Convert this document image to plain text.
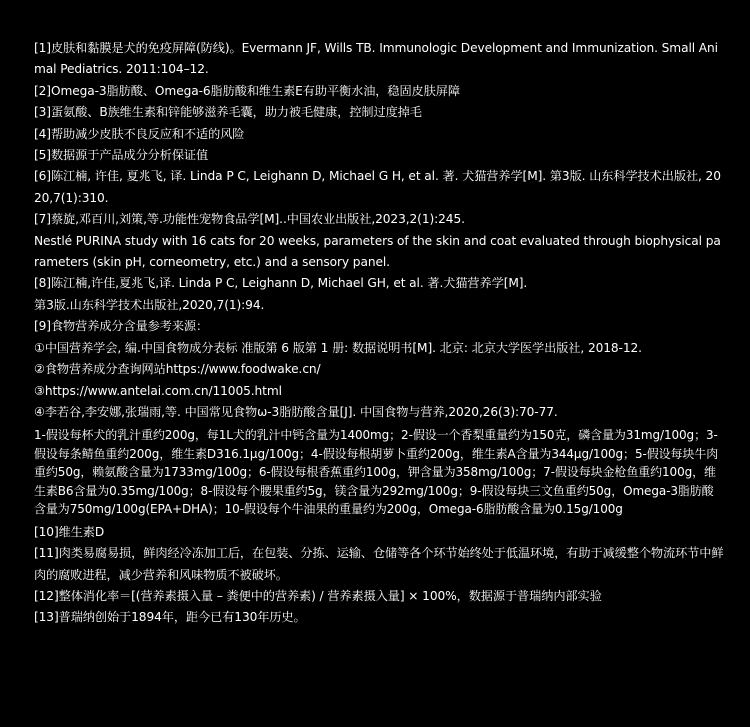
[1]皮肤和黏膜是犬的免疫屏障(防线)。Evermann JF, Wills TB. Immunologic Development and Immunization. Small Animal Pediatrics. 2011:104–12.

[2]Omega-3脂肪酸、Omega-6脂肪酸和维生素E有助平衡水油，稳固皮肤屏障

[3]蛋氨酸、B族维生素和锌能够滋养毛囊，助力被毛健康，控制过度掉毛

[4]帮助减少皮肤不良反应和不适的风险

[5]数据源于产品成分分析保证值

[6]陈江楠, 许佳, 夏兆飞, 译. Linda P C, Leighann D, Michael G H, et al. 著. 犬猫营养学[M]. 第3版. 山东科学技术出版社, 2020,7(1):310.

[7]蔡旋,邓百川,刘策,等.功能性宠物食品学[M]..中国农业出版社,2023,2(1):245.

Nestlé PURINA study with 16 cats for 20 weeks, parameters of the skin and coat evaluated through biophysical parameters (skin pH, corneometry, etc.) and a sensory panel.

[8]陈江楠,许佳,夏兆飞,译. Linda P C, Leighann D, Michael GH, et al. 著.犬猫营养学[M].

第3版.山东科学技术出版社,2020,7(1):94.

[9]食物营养成分含量参考来源：

①中国营养学会, 编.中国食物成分表标 准版第 6 版第 1 册: 数据说明书[M]. 北京: 北京大学医学出版社, 2018-12.

②食物营养成分查询网站https://www.foodwake.cn/

③https://www.antelai.com.cn/11005.html

④李若谷,李安娜,张瑞雨,等. 中国常见食物ω-3脂肪酸含量[J]. 中国食物与营养,2020,26(3):70-77.

1-假设每杯犬的乳汁重约200g，每1L犬的乳汁中钙含量为1400mg；2-假设一个香梨重量约为150克，磷含量为31mg/100g；3-假设每条鲭鱼重约200g，维生素D316.1μg/100g；4-假设每根胡萝卜重约200g，维生素A含量为344μg/100g；5-假设每块牛肉重约50g，赖氨酸含量为1733mg/100g；6-假设每根香蕉重约100g，钾含量为358mg/100g；7-假设每块金枪鱼重约100g，维生素B6含量为0.35mg/100g；8-假设每个腰果重约5g，镁含量为292mg/100g；9-假设每块三文鱼重约50g，Omega-3脂肪酸含量为750mg/100g(EPA+DHA)；10-假设每个牛油果的重量约为200g，Omega-6脂肪酸含量为0.15g/100g

[10]维生素D

[11]肉类易腐易损，鲜肉经冷冻加工后，在包装、分拣、运输、仓储等各个环节始终处于低温环境，有助于减缓整个物流环节中鲜肉的腐败进程，减少营养和风味物质不被破坏。

[12]整体消化率＝[(营养素摄入量 – 粪便中的营养素) / 营养素摄入量] × 100%，数据源于普瑞纳内部实验

[13]普瑞纳创始于1894年，距今已有130年历史。
